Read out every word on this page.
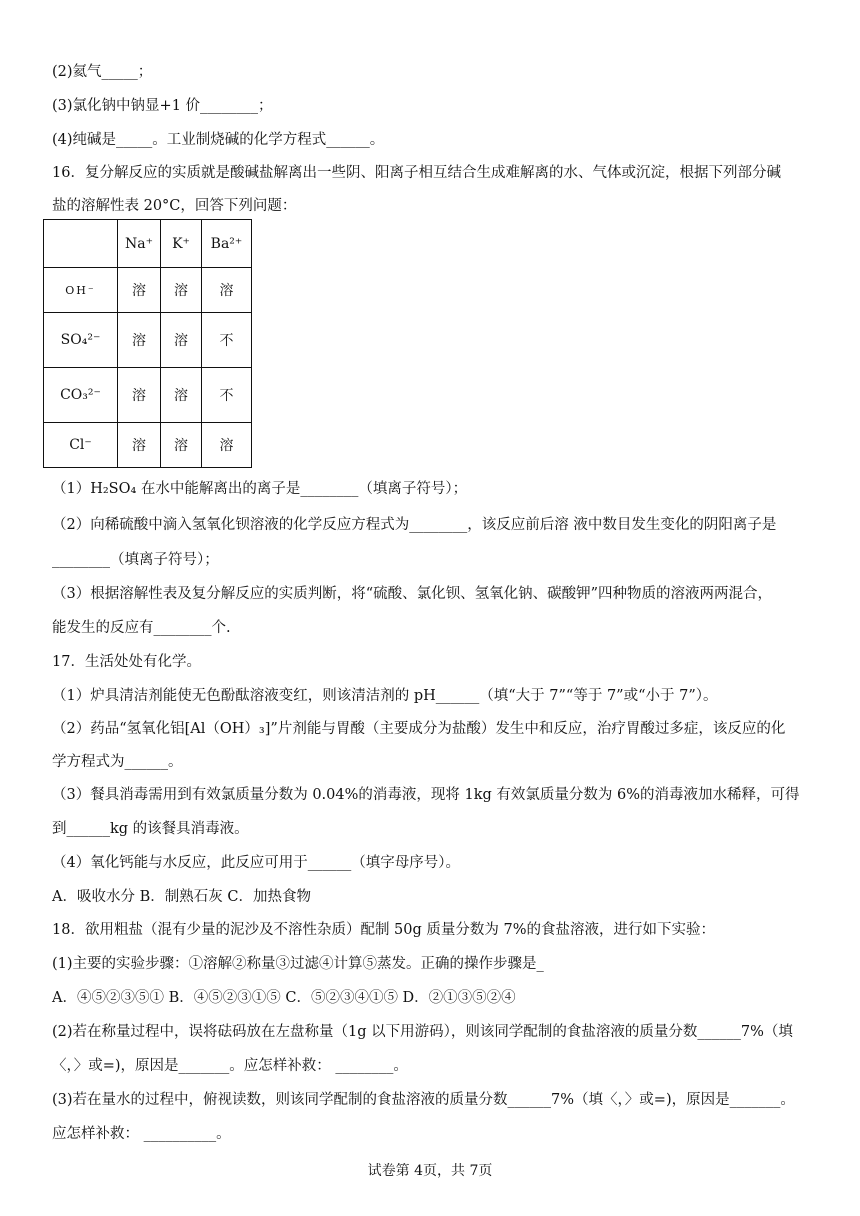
(2)氦气_____；
(3)氯化钠中钠显+1 价________；
(4)纯碱是_____。工业制烧碱的化学方程式______。
16．复分解反应的实质就是酸碱盐解离出一些阴、阳离子相互结合生成难解离的水、气体或沉淀，根据下列部分碱
盐的溶解性表 20°C，回答下列问题：
	Na⁺	K⁺	Ba²⁺
OH⁻	溶	溶	溶
SO₄²⁻	溶	溶	不
CO₃²⁻	溶	溶	不
Cl⁻	溶	溶	溶
（1）H₂SO₄ 在水中能解离出的离子是________（填离子符号）；
（2）向稀硫酸中滴入氢氧化钡溶液的化学反应方程式为________，该反应前后溶 液中数目发生变化的阴阳离子是
________（填离子符号）；
（3）根据溶解性表及复分解反应的实质判断，将“硫酸、氯化钡、氢氧化钠、碳酸钾”四种物质的溶液两两混合，
能发生的反应有________个.
17．生活处处有化学。
（1）炉具清洁剂能使无色酚酞溶液变红，则该清洁剂的 pH______（填“大于 7”“等于 7”或“小于 7”）。
（2）药品“氢氧化铝[Al（OH）₃]”片剂能与胃酸（主要成分为盐酸）发生中和反应，治疗胃酸过多症，该反应的化
学方程式为______。
（3）餐具消毒需用到有效氯质量分数为 0.04%的消毒液，现将 1kg 有效氯质量分数为 6%的消毒液加水稀释，可得
到______kg 的该餐具消毒液。
（4）氧化钙能与水反应，此反应可用于______（填字母序号）。
A．吸收水分 B．制熟石灰 C．加热食物
18．欲用粗盐（混有少量的泥沙及不溶性杂质）配制 50g 质量分数为 7%的食盐溶液，进行如下实验：
(1)主要的实验步骤：①溶解②称量③过滤④计算⑤蒸发。正确的操作步骤是_
A．④⑤②③⑤① B．④⑤②③①⑤ C．⑤②③④①⑤ D．②①③⑤②④
(2)若在称量过程中，误将砝码放在左盘称量（1g 以下用游码），则该同学配制的食盐溶液的质量分数______7%（填
〈，〉或=)，原因是_______。应怎样补救： ________。
(3)若在量水的过程中，俯视读数，则该同学配制的食盐溶液的质量分数______7%（填〈，〉或=)，原因是_______。
应怎样补救： __________。
试卷第 4页，共 7页
